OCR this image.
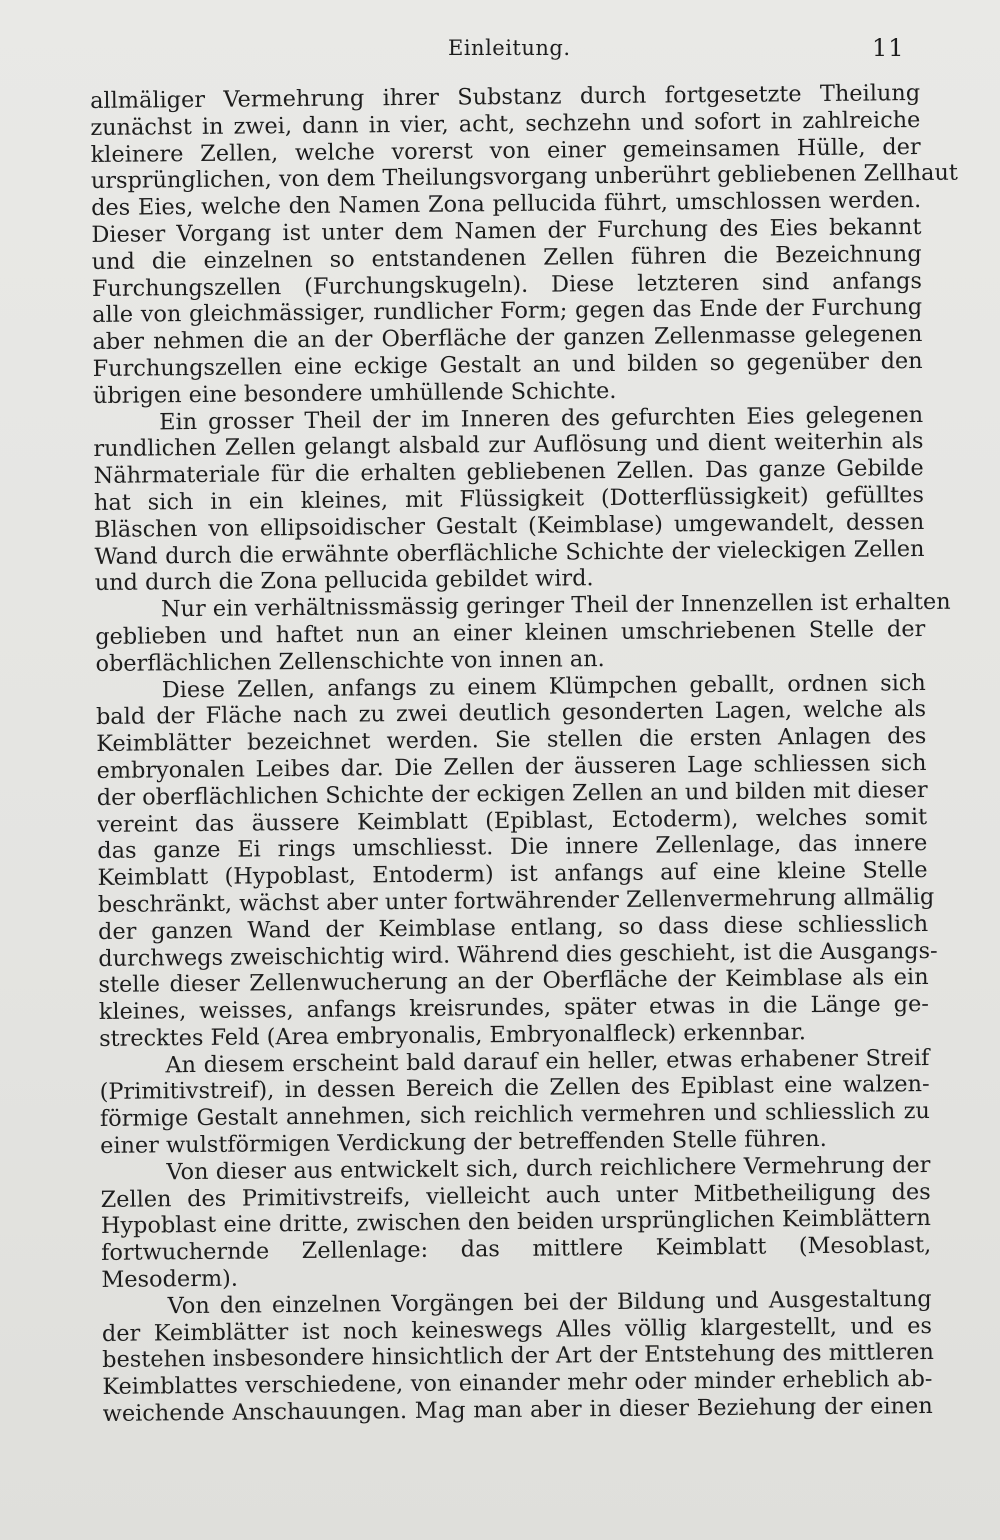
Einleitung.	11
allmäliger Vermehrung ihrer Substanz durch fortgesetzte Theilung
zunächst in zwei, dann in vier, acht, sechzehn und sofort in zahlreiche
kleinere Zellen, welche vorerst von einer gemeinsamen Hülle, der
ursprünglichen, von dem Theilungsvorgang unberührt gebliebenen Zellhaut
des Eies, welche den Namen Zona pellucida führt, umschlossen werden.
Dieser Vorgang ist unter dem Namen der Furchung des Eies bekannt
und die einzelnen so entstandenen Zellen führen die Bezeichnung
Furchungszellen (Furchungskugeln). Diese letzteren sind anfangs
alle von gleichmässiger, rundlicher Form; gegen das Ende der Furchung
aber nehmen die an der Oberfläche der ganzen Zellenmasse gelegenen
Furchungszellen eine eckige Gestalt an und bilden so gegenüber den
übrigen eine besondere umhüllende Schichte.
Ein grosser Theil der im Inneren des gefurchten Eies gelegenen
rundlichen Zellen gelangt alsbald zur Auflösung und dient weiterhin als
Nährmateriale für die erhalten gebliebenen Zellen. Das ganze Gebilde
hat sich in ein kleines, mit Flüssigkeit (Dotterflüssigkeit) gefülltes
Bläschen von ellipsoidischer Gestalt (Keimblase) umgewandelt, dessen
Wand durch die erwähnte oberflächliche Schichte der vieleckigen Zellen
und durch die Zona pellucida gebildet wird.
Nur ein verhältnissmässig geringer Theil der Innenzellen ist erhalten
geblieben und haftet nun an einer kleinen umschriebenen Stelle der
oberflächlichen Zellenschichte von innen an.
Diese Zellen, anfangs zu einem Klümpchen geballt, ordnen sich
bald der Fläche nach zu zwei deutlich gesonderten Lagen, welche als
Keimblätter bezeichnet werden. Sie stellen die ersten Anlagen des
embryonalen Leibes dar. Die Zellen der äusseren Lage schliessen sich
der oberflächlichen Schichte der eckigen Zellen an und bilden mit dieser
vereint das äussere Keimblatt (Epiblast, Ectoderm), welches somit
das ganze Ei rings umschliesst. Die innere Zellenlage, das innere
Keimblatt (Hypoblast, Entoderm) ist anfangs auf eine kleine Stelle
beschränkt, wächst aber unter fortwährender Zellenvermehrung allmälig
der ganzen Wand der Keimblase entlang, so dass diese schliesslich
durchwegs zweischichtig wird. Während dies geschieht, ist die Ausgangs-
stelle dieser Zellenwucherung an der Oberfläche der Keimblase als ein
kleines, weisses, anfangs kreisrundes, später etwas in die Länge ge-
strecktes Feld (Area embryonalis, Embryonalfleck) erkennbar.
An diesem erscheint bald darauf ein heller, etwas erhabener Streif
(Primitivstreif), in dessen Bereich die Zellen des Epiblast eine walzen-
förmige Gestalt annehmen, sich reichlich vermehren und schliesslich zu
einer wulstförmigen Verdickung der betreffenden Stelle führen.
Von dieser aus entwickelt sich, durch reichlichere Vermehrung der
Zellen des Primitivstreifs, vielleicht auch unter Mitbetheiligung des
Hypoblast eine dritte, zwischen den beiden ursprünglichen Keimblättern
fortwuchernde Zellenlage: das mittlere Keimblatt (Mesoblast,
Mesoderm).
Von den einzelnen Vorgängen bei der Bildung und Ausgestaltung
der Keimblätter ist noch keineswegs Alles völlig klargestellt, und es
bestehen insbesondere hinsichtlich der Art der Entstehung des mittleren
Keimblattes verschiedene, von einander mehr oder minder erheblich ab-
weichende Anschauungen. Mag man aber in dieser Beziehung der einen
